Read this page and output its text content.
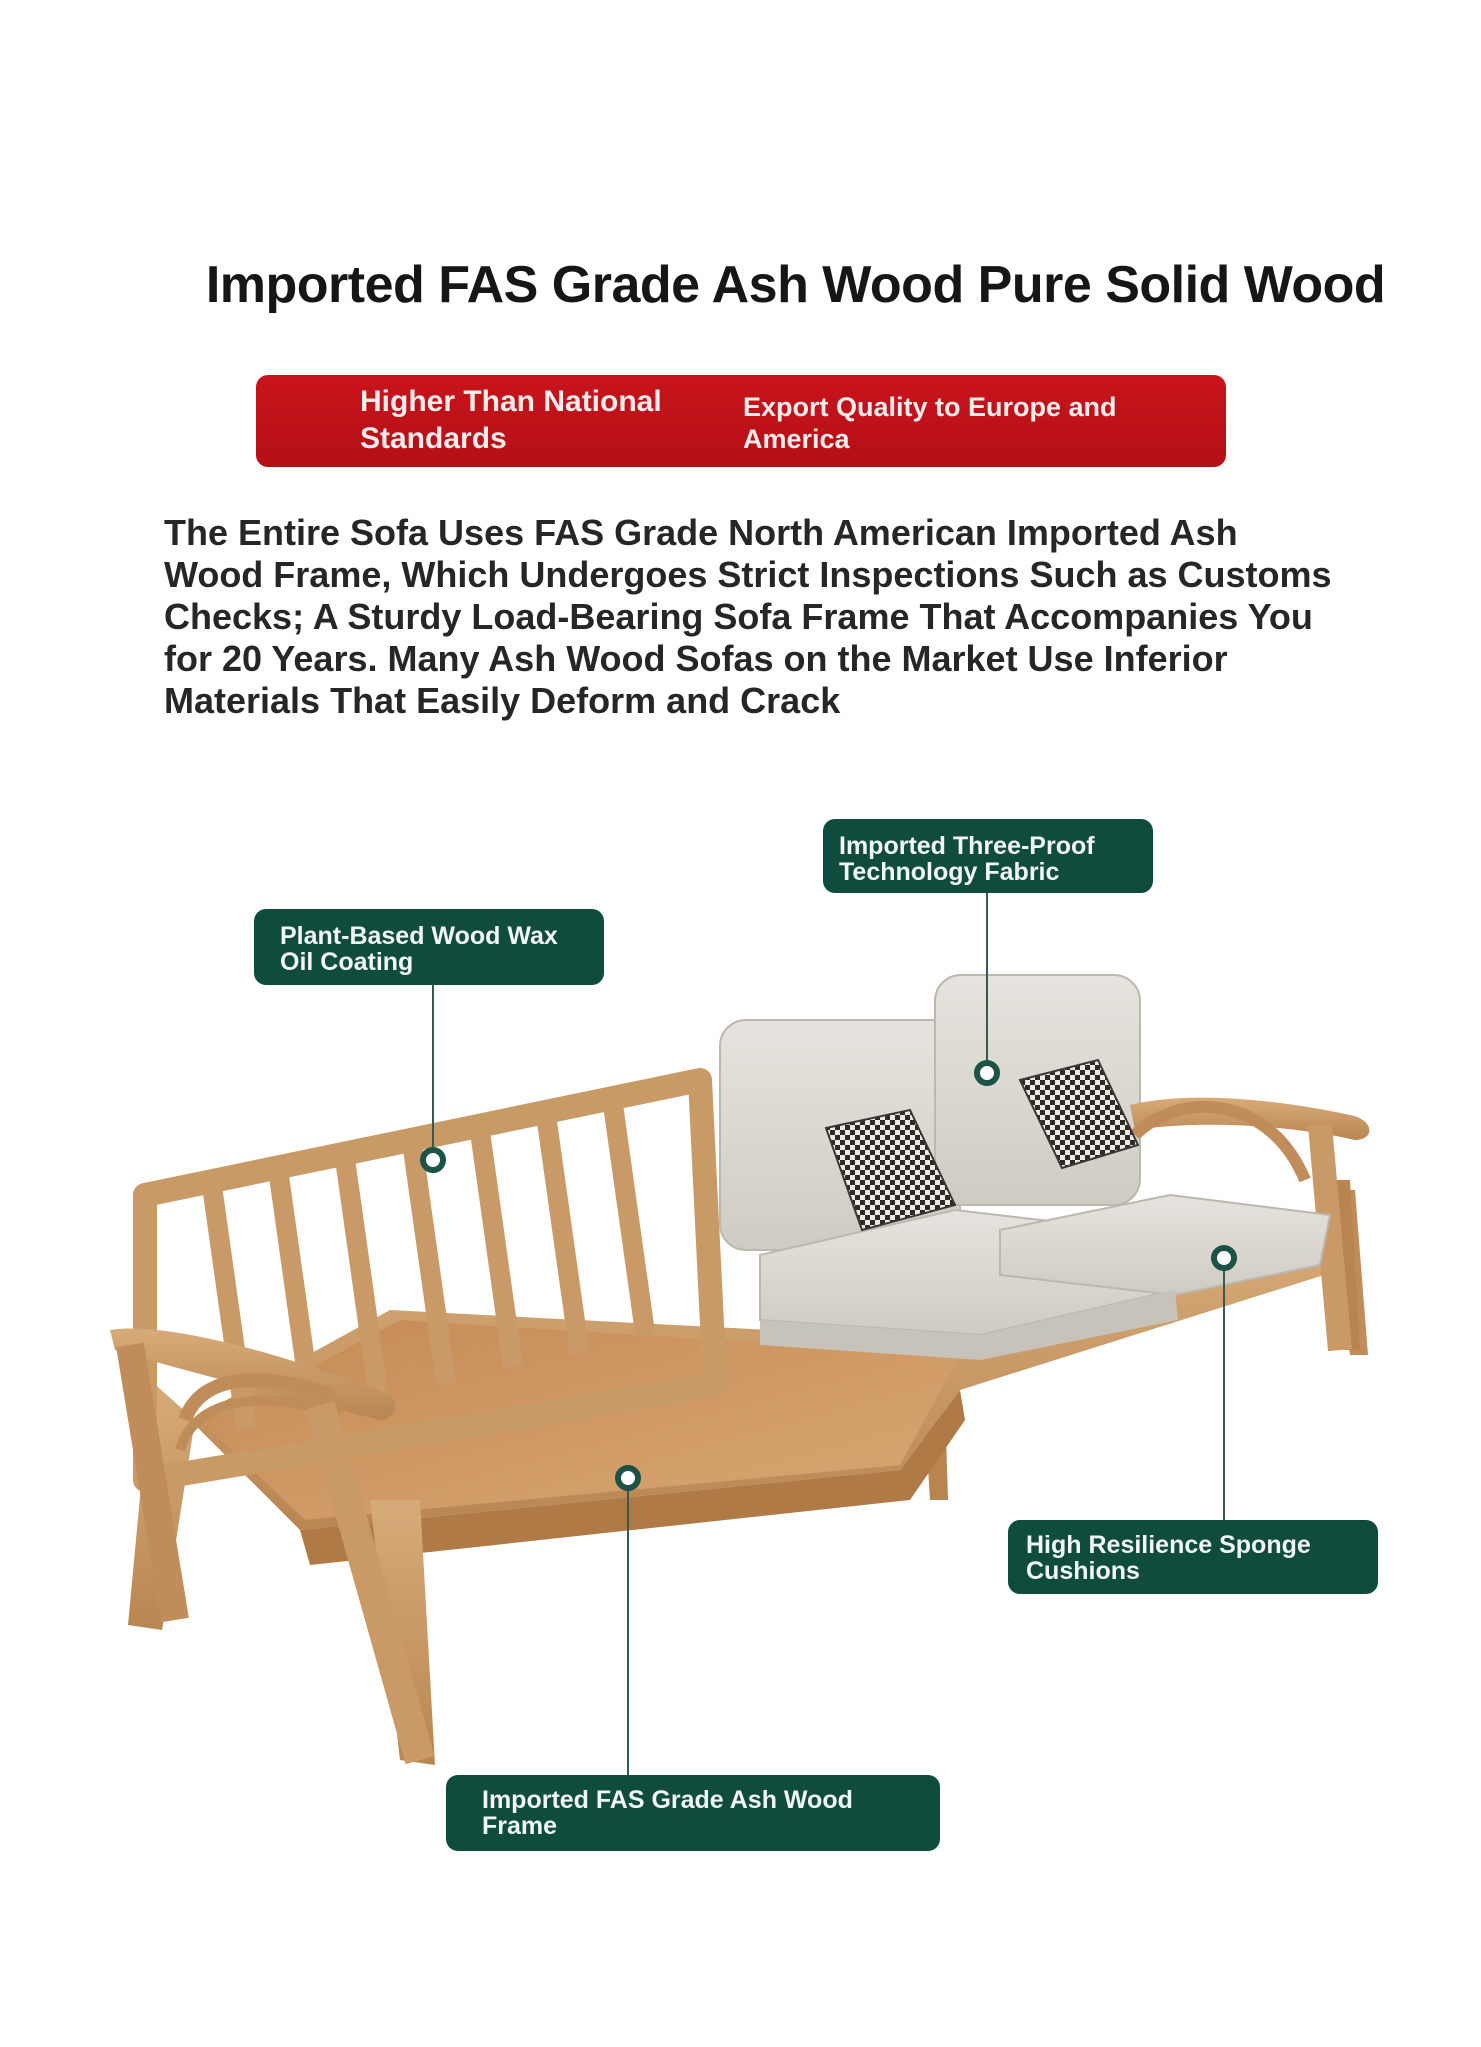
Imported FAS Grade Ash Wood Pure Solid Wood
Higher Than National Standards
Export Quality to Europe and America
The Entire Sofa Uses FAS Grade North American Imported Ash Wood Frame, Which Undergoes Strict Inspections Such as Customs Checks; A Sturdy Load-Bearing Sofa Frame That Accompanies You for 20 Years. Many Ash Wood Sofas on the Market Use Inferior Materials That Easily Deform and Crack
Imported Three-Proof Technology Fabric
Plant-Based Wood Wax Oil Coating
High Resilience Sponge Cushions
Imported FAS Grade Ash Wood Frame
